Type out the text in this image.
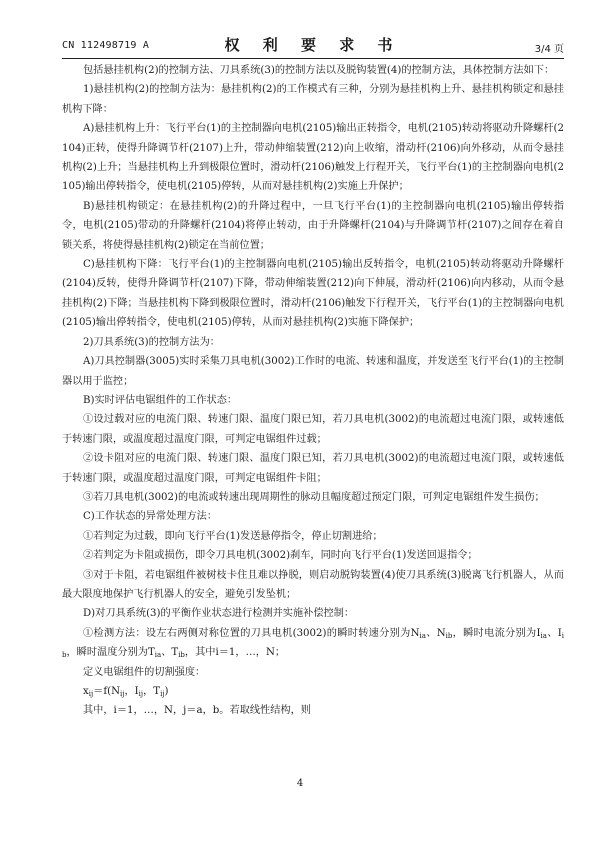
CN 112498719 A	权 利 要 求 书	3/4 页

包括悬挂机构(2)的控制方法、刀具系统(3)的控制方法以及脱钩装置(4)的控制方法，具体控制方法如下：

1)悬挂机构(2)的控制方法为：悬挂机构(2)的工作模式有三种，分别为悬挂机构上升、悬挂机构锁定和悬挂机构下降：

A)悬挂机构上升：飞行平台(1)的主控制器向电机(2105)输出正转指令，电机(2105)转动将驱动升降螺杆(2104)正转，使得升降调节杆(2107)上升，带动伸缩装置(212)向上收缩，滑动杆(2106)向外移动，从而令悬挂机构(2)上升；当悬挂机构上升到极限位置时，滑动杆(2106)触发上行程开关，飞行平台(1)的主控制器向电机(2105)输出停转指令，使电机(2105)停转，从而对悬挂机构(2)实施上升保护；

B)悬挂机构锁定：在悬挂机构(2)的升降过程中，一旦飞行平台(1)的主控制器向电机(2105)输出停转指令，电机(2105)带动的升降螺杆(2104)将停止转动，由于升降螺杆(2104)与升降调节杆(2107)之间存在着自锁关系，将使得悬挂机构(2)锁定在当前位置；

C)悬挂机构下降：飞行平台(1)的主控制器向电机(2105)输出反转指令，电机(2105)转动将驱动升降螺杆(2104)反转，使得升降调节杆(2107)下降，带动伸缩装置(212)向下伸展，滑动杆(2106)向内移动，从而令悬挂机构(2)下降；当悬挂机构下降到极限位置时，滑动杆(2106)触发下行程开关，飞行平台(1)的主控制器向电机(2105)输出停转指令，使电机(2105)停转，从而对悬挂机构(2)实施下降保护；

2)刀具系统(3)的控制方法为：

A)刀具控制器(3005)实时采集刀具电机(3002)工作时的电流、转速和温度，并发送至飞行平台(1)的主控制器以用于监控；

B)实时评估电锯组件的工作状态：

①设过载对应的电流门限、转速门限、温度门限已知，若刀具电机(3002)的电流超过电流门限，或转速低于转速门限，或温度超过温度门限，可判定电锯组件过载；

②设卡阻对应的电流门限、转速门限、温度门限已知，若刀具电机(3002)的电流超过电流门限，或转速低于转速门限，或温度超过温度门限，可判定电锯组件卡阻；

③若刀具电机(3002)的电流或转速出现周期性的脉动且幅度超过预定门限，可判定电锯组件发生损伤；

C)工作状态的异常处理方法：

①若判定为过载，即向飞行平台(1)发送悬停指令，停止切割进给；

②若判定为卡阻或损伤，即令刀具电机(3002)刹车，同时向飞行平台(1)发送回退指令；

③对于卡阻，若电锯组件被树枝卡住且难以挣脱，则启动脱钩装置(4)使刀具系统(3)脱离飞行机器人，从而最大限度地保护飞行机器人的安全，避免引发坠机；

D)对刀具系统(3)的平衡作业状态进行检测并实施补偿控制：

①检测方法：设左右两侧对称位置的刀具电机(3002)的瞬时转速分别为$N_{ia}$、$N_{ib}$，瞬时电流分别为$I_{ia}$、$I_{ib}$，瞬时温度分别为$T_{ia}$、$T_{ib}$，其中i＝1，…，N；

定义电锯组件的切割强度：

$x_{ij}=f(N_{ij}$，$I_{ij}$，$T_{ij}$)

其中，i＝1，…，N，j＝a，b。若取线性结构，则

4
